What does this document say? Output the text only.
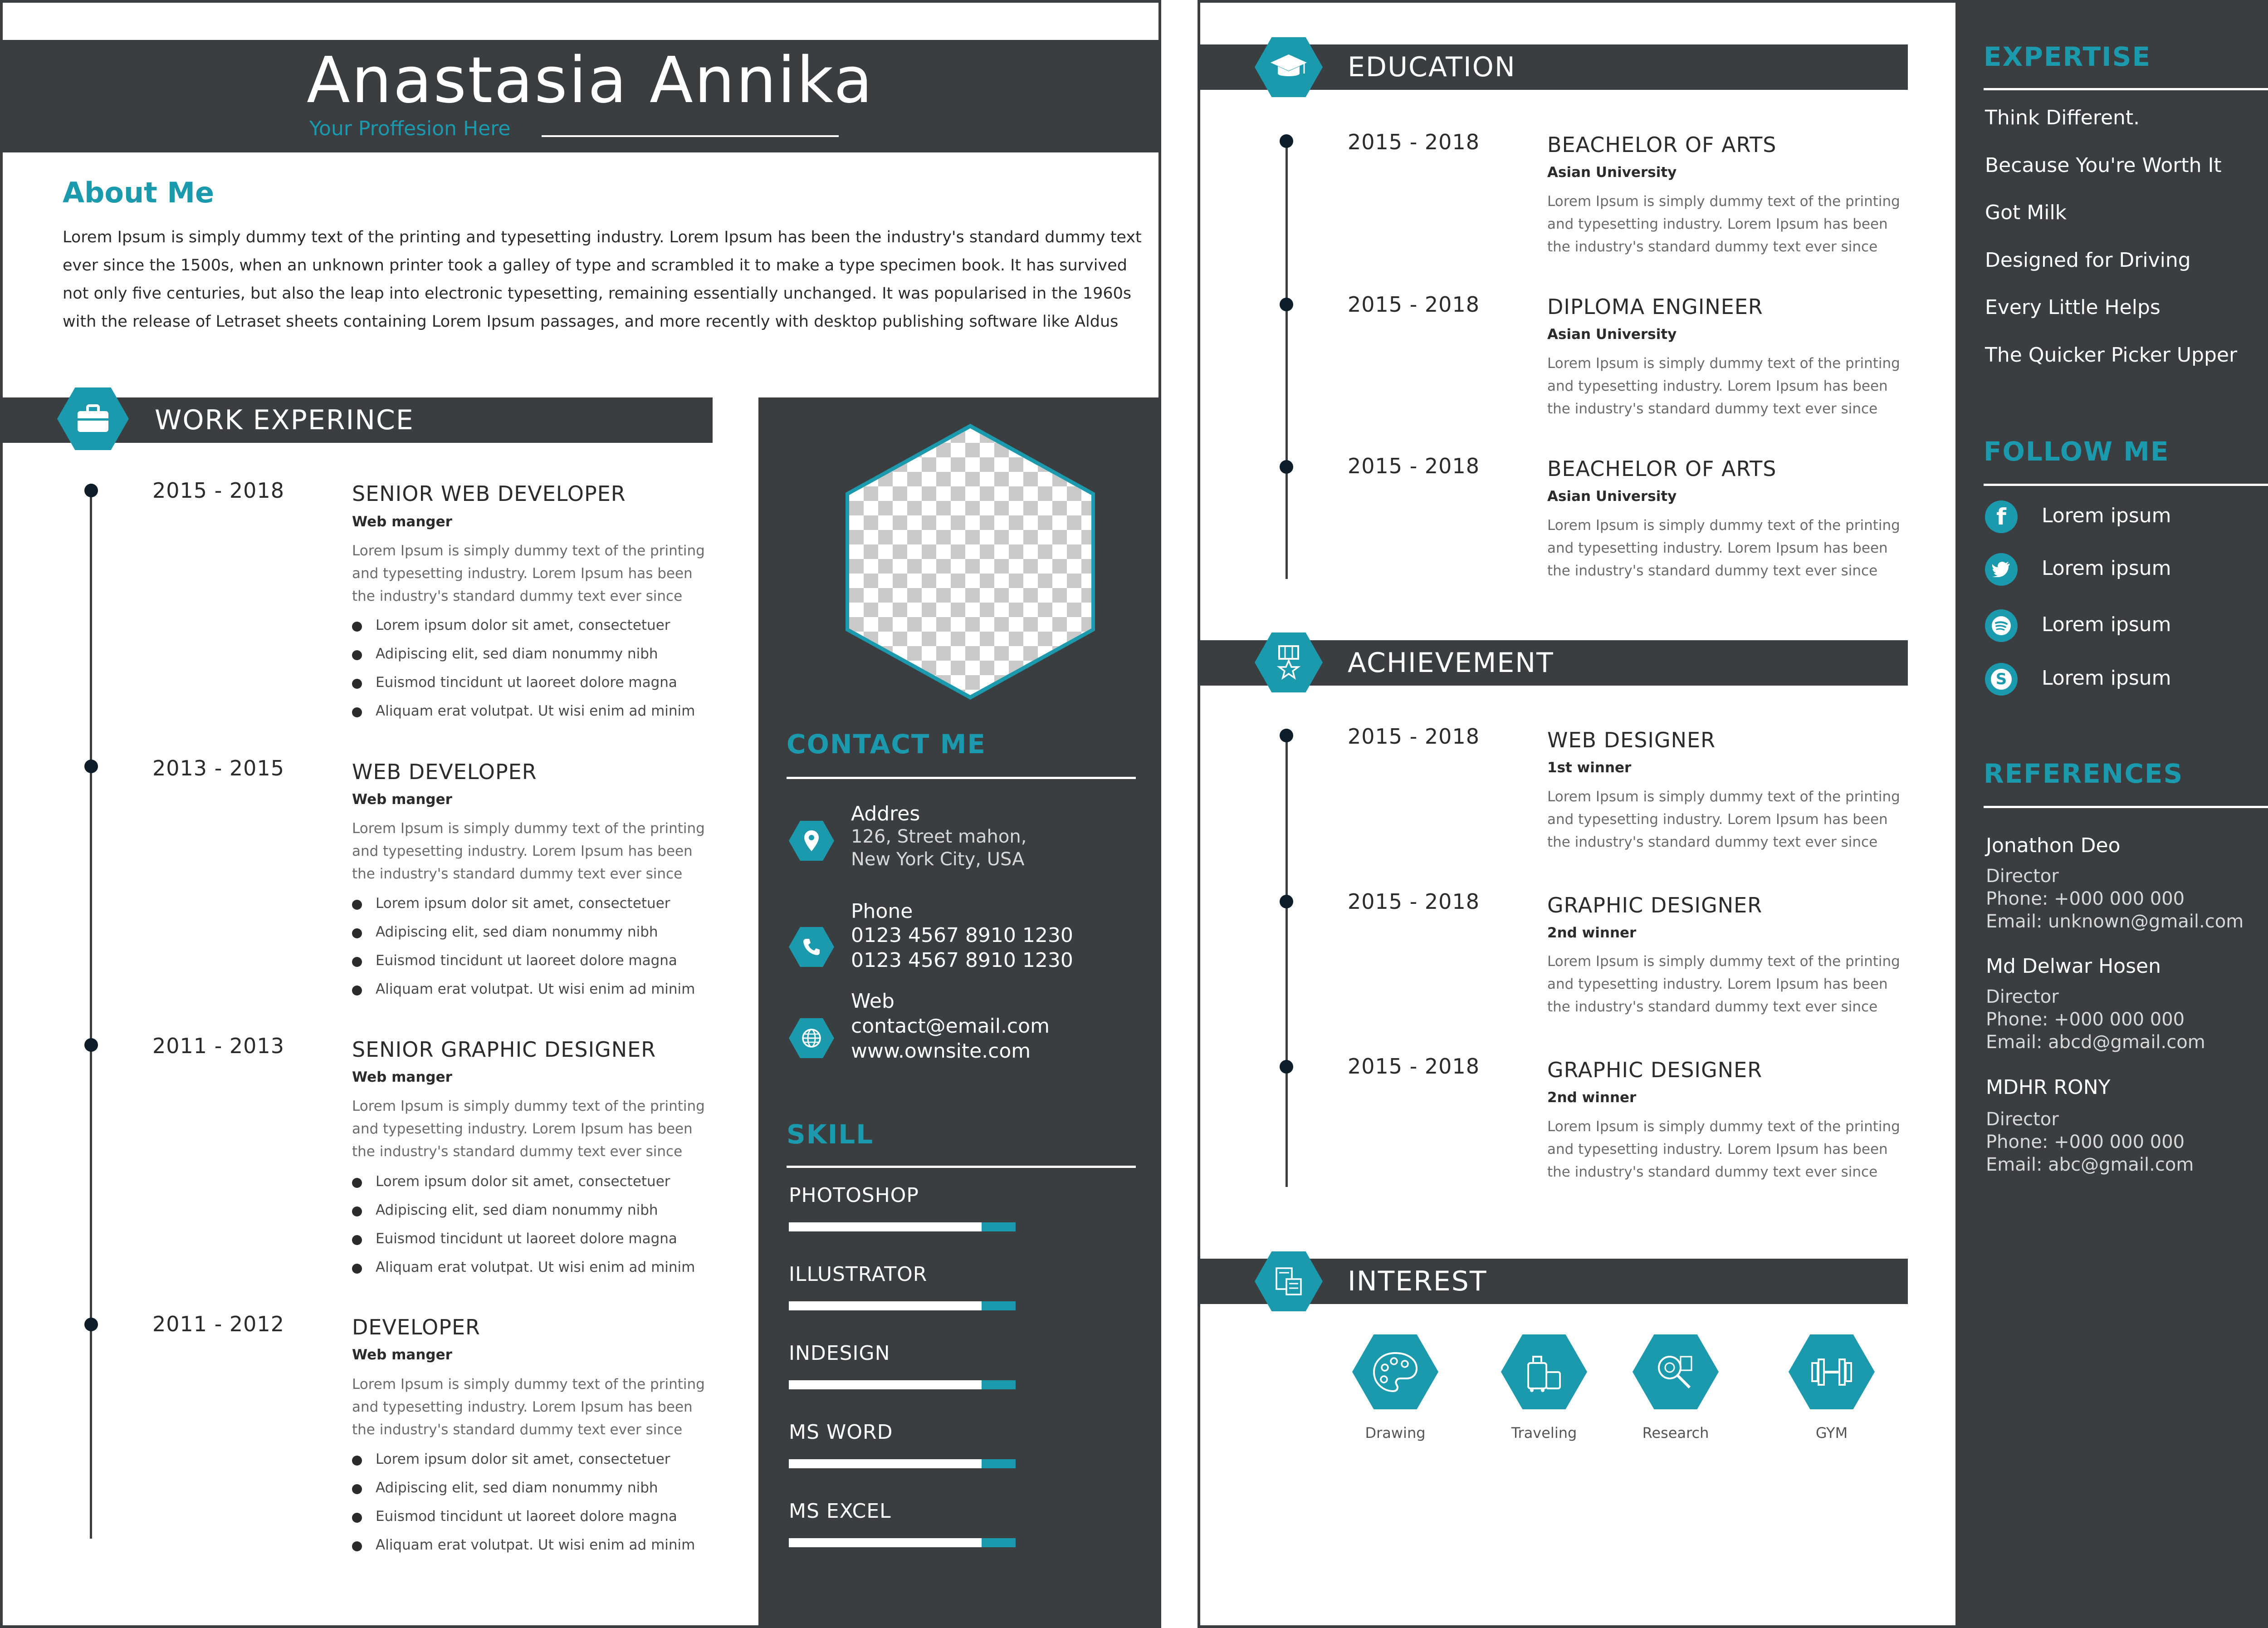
Anastasia Annika
Your Proffesion Here
About Me
Lorem Ipsum is simply dummy text of the printing and typesetting industry. Lorem Ipsum has been the industry's standard dummy text
ever since the 1500s, when an unknown printer took a galley of type and scrambled it to make a type specimen book. It has survived
not only five centuries, but also the leap into electronic typesetting, remaining essentially unchanged. It was popularised in the 1960s
with the release of Letraset sheets containing Lorem Ipsum passages, and more recently with desktop publishing software like Aldus
WORK EXPERINCE
2015 - 2018	SENIOR WEB DEVELOPER
Web manger
Lorem Ipsum is simply dummy text of the printing
and typesetting industry. Lorem Ipsum has been
the industry's standard dummy text ever since
Lorem ipsum dolor sit amet, consectetuer
Adipiscing elit, sed diam nonummy nibh
Euismod tincidunt ut laoreet dolore magna
Aliquam erat volutpat. Ut wisi enim ad minim
2013 - 2015	WEB DEVELOPER
Web manger
Lorem Ipsum is simply dummy text of the printing
and typesetting industry. Lorem Ipsum has been
the industry's standard dummy text ever since
Lorem ipsum dolor sit amet, consectetuer
Adipiscing elit, sed diam nonummy nibh
Euismod tincidunt ut laoreet dolore magna
Aliquam erat volutpat. Ut wisi enim ad minim
2011 - 2013	SENIOR GRAPHIC DESIGNER
Web manger
Lorem Ipsum is simply dummy text of the printing
and typesetting industry. Lorem Ipsum has been
the industry's standard dummy text ever since
Lorem ipsum dolor sit amet, consectetuer
Adipiscing elit, sed diam nonummy nibh
Euismod tincidunt ut laoreet dolore magna
Aliquam erat volutpat. Ut wisi enim ad minim
2011 - 2012	DEVELOPER
Web manger
Lorem Ipsum is simply dummy text of the printing
and typesetting industry. Lorem Ipsum has been
the industry's standard dummy text ever since
Lorem ipsum dolor sit amet, consectetuer
Adipiscing elit, sed diam nonummy nibh
Euismod tincidunt ut laoreet dolore magna
Aliquam erat volutpat. Ut wisi enim ad minim
CONTACT ME
Addres
126, Street mahon,
New York City, USA
Phone
0123 4567 8910 1230
0123 4567 8910 1230
Web
contact@email.com
www.ownsite.com
SKILL
PHOTOSHOP
ILLUSTRATOR
INDESIGN
MS WORD
MS EXCEL
EDUCATION
2015 - 2018	BEACHELOR OF ARTS
Asian University
Lorem Ipsum is simply dummy text of the printing
and typesetting industry. Lorem Ipsum has been
the industry's standard dummy text ever since
2015 - 2018	DIPLOMA ENGINEER
Asian University
Lorem Ipsum is simply dummy text of the printing
and typesetting industry. Lorem Ipsum has been
the industry's standard dummy text ever since
2015 - 2018	BEACHELOR OF ARTS
Asian University
Lorem Ipsum is simply dummy text of the printing
and typesetting industry. Lorem Ipsum has been
the industry's standard dummy text ever since
ACHIEVEMENT
2015 - 2018	WEB DESIGNER
1st winner
Lorem Ipsum is simply dummy text of the printing
and typesetting industry. Lorem Ipsum has been
the industry's standard dummy text ever since
2015 - 2018	GRAPHIC DESIGNER
2nd winner
Lorem Ipsum is simply dummy text of the printing
and typesetting industry. Lorem Ipsum has been
the industry's standard dummy text ever since
2015 - 2018	GRAPHIC DESIGNER
2nd winner
Lorem Ipsum is simply dummy text of the printing
and typesetting industry. Lorem Ipsum has been
the industry's standard dummy text ever since
INTEREST
Drawing	Traveling	Research	GYM
EXPERTISE
Think Different.
Because You're Worth It
Got Milk
Designed for Driving
Every Little Helps
The Quicker Picker Upper
FOLLOW ME
f	Lorem ipsum
Lorem ipsum
Lorem ipsum
S Lorem ipsum
REFERENCES
Jonathon Deo
Director
Phone: +000 000 000
Email: unknown@gmail.com
Md Delwar Hosen
Director
Phone: +000 000 000
Email: abcd@gmail.com
MDHR RONY
Director
Phone: +000 000 000
Email: abc@gmail.com
